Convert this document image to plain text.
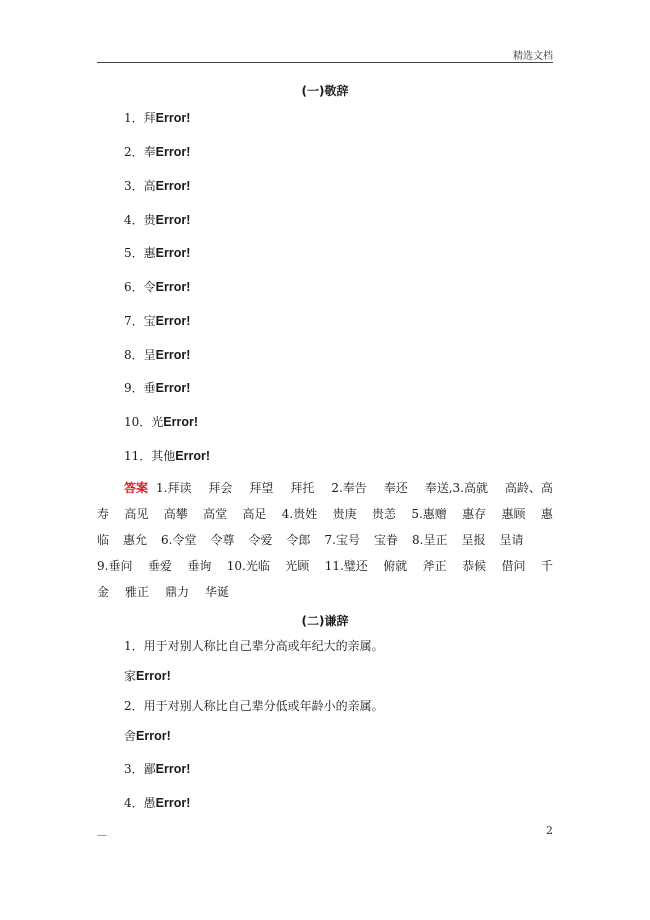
精选文档
(一)敬辞
1．拜Error!
2．奉Error!
3．高Error!
4．贵Error!
5．惠Error!
6．令Error!
7．宝Error!
8．呈Error!
9．垂Error!
10．光Error!
11．其他Error!
答案 1.拜读 拜会 拜望 拜托 2.奉告 奉还 奉送,3.高就 高龄、高
寿 高见 高攀 高堂 高足 4.贵姓 贵庚 贵恙 5.惠赠 惠存 惠顾 惠
临 惠允 6.令堂 令尊 令爱 令郎 7.宝号 宝眷 8.呈正 呈报 呈请
9.垂问 垂爱 垂询 10.光临 光顾 11.璧还 俯就 斧正 恭候 借问 千
金 雅正 鼎力 华诞
(二)谦辞
1．用于对别人称比自己辈分高或年纪大的亲属。
家Error!
2．用于对别人称比自己辈分低或年龄小的亲属。
舍Error!
3．鄙Error!
4．愚Error!
—	2
